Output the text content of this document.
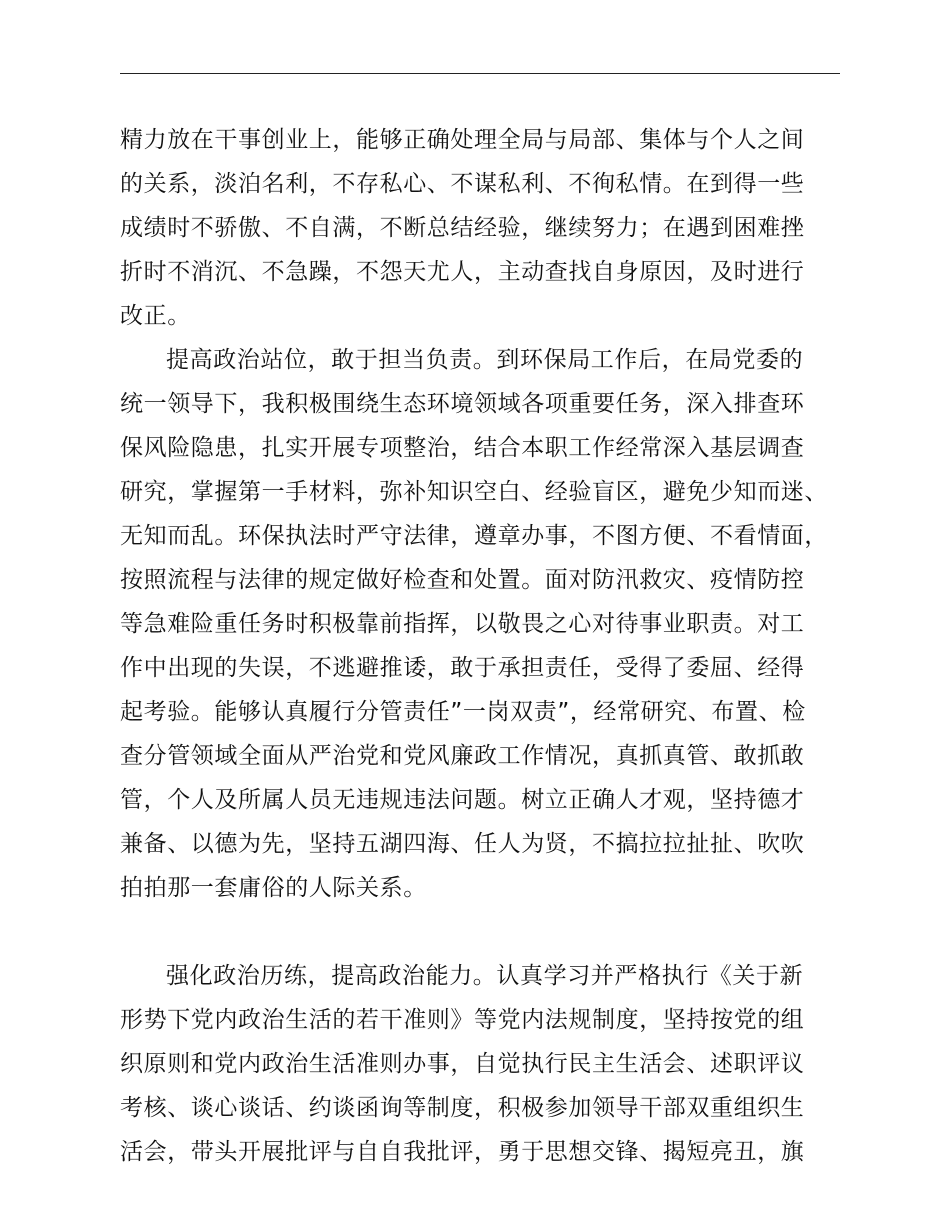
精力放在干事创业上，能够正确处理全局与局部、集体与个人之间
的关系，淡泊名利，不存私心、不谋私利、不徇私情。在到得一些
成绩时不骄傲、不自满，不断总结经验，继续努力；在遇到困难挫
折时不消沉、不急躁，不怨天尤人，主动查找自身原因，及时进行
改正。
提高政治站位，敢于担当负责。到环保局工作后，在局党委的
统一领导下，我积极围绕生态环境领域各项重要任务，深入排查环
保风险隐患，扎实开展专项整治，结合本职工作经常深入基层调查
研究，掌握第一手材料，弥补知识空白、经验盲区，避免少知而迷、
无知而乱。环保执法时严守法律，遵章办事，不图方便、不看情面，
按照流程与法律的规定做好检查和处置。面对防汛救灾、疫情防控
等急难险重任务时积极靠前指挥，以敬畏之心对待事业职责。对工
作中出现的失误，不逃避推诿，敢于承担责任，受得了委屈、经得
起考验。能够认真履行分管责任”一岗双责”，经常研究、布置、检
查分管领域全面从严治党和党风廉政工作情况，真抓真管、敢抓敢
管，个人及所属人员无违规违法问题。树立正确人才观，坚持德才
兼备、以德为先，坚持五湖四海、任人为贤，不搞拉拉扯扯、吹吹
拍拍那一套庸俗的人际关系。
强化政治历练，提高政治能力。认真学习并严格执行《关于新
形势下党内政治生活的若干准则》等党内法规制度，坚持按党的组
织原则和党内政治生活准则办事，自觉执行民主生活会、述职评议
考核、谈心谈话、约谈函询等制度，积极参加领导干部双重组织生
活会，带头开展批评与自自我批评，勇于思想交锋、揭短亮丑，旗
